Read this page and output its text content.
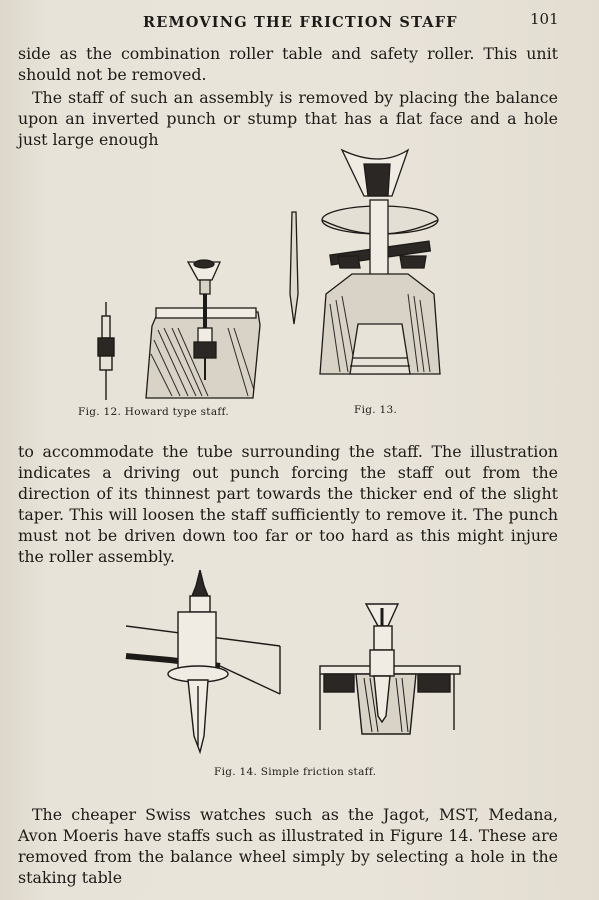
REMOVING THE FRICTION STAFF	101

side as the combination roller table and safety roller. This unit should not be removed.

The staff of such an assembly is removed by placing the balance upon an inverted punch or stump that has a flat face and a hole just large enough

Fig. 12. Howard type staff.	Fig. 13.

to accommodate the tube surrounding the staff. The illustration indicates a driving out punch forcing the staff out from the direction of its thinnest part towards the thicker end of the slight taper. This will loosen the staff sufficiently to remove it. The punch must not be driven down too far or too hard as this might injure the roller assembly.

Fig. 14. Simple friction staff.

The cheaper Swiss watches such as the Jagot, MST, Medana, Avon Moeris have staffs such as illustrated in Figure 14. These are removed from the balance wheel simply by selecting a hole in the staking table
